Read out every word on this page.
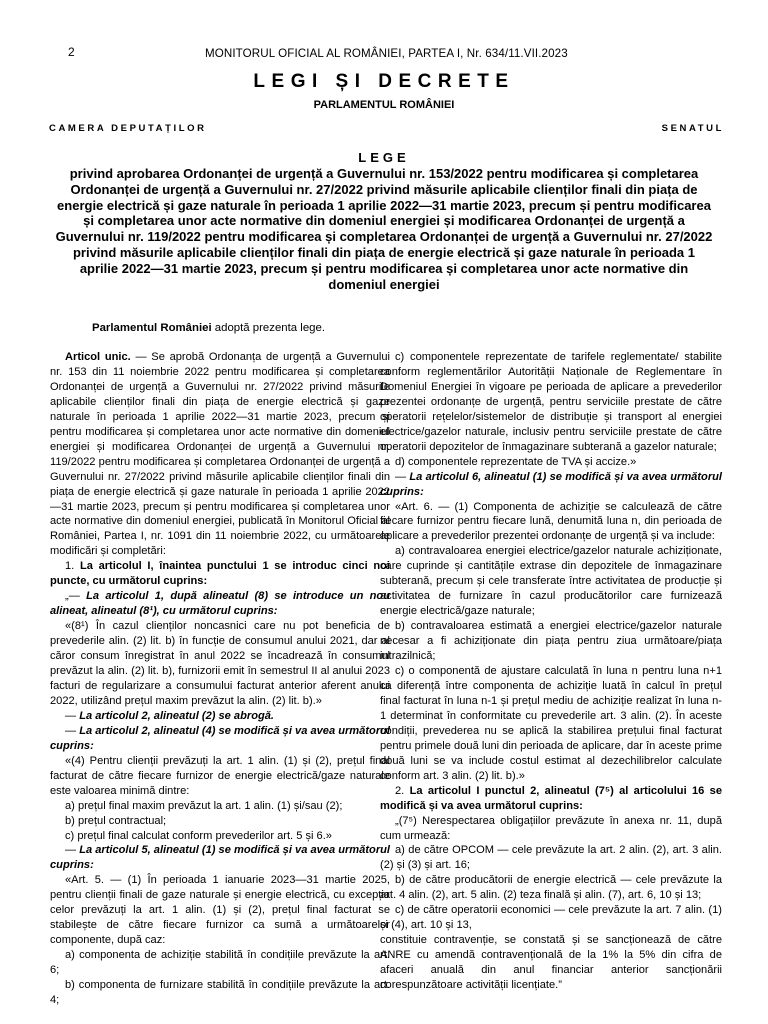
2	MONITORUL OFICIAL AL ROMÂNIEI, PARTEA I, Nr. 634/11.VII.2023
LEGI ȘI DECRETE
PARLAMENTUL ROMÂNIEI
CAMERA DEPUTAȚILOR	SENATUL
LEGE
privind aprobarea Ordonanței de urgență a Guvernului nr. 153/2022 pentru modificarea și completarea Ordonanței de urgență a Guvernului nr. 27/2022 privind măsurile aplicabile clienților finali din piața de energie electrică și gaze naturale în perioada 1 aprilie 2022—31 martie 2023, precum și pentru modificarea și completarea unor acte normative din domeniul energiei și modificarea Ordonanței de urgență a Guvernului nr. 119/2022 pentru modificarea și completarea Ordonanței de urgență a Guvernului nr. 27/2022 privind măsurile aplicabile clienților finali din piața de energie electrică și gaze naturale în perioada 1 aprilie 2022—31 martie 2023, precum și pentru modificarea și completarea unor acte normative din domeniul energiei
Parlamentul României adoptă prezenta lege.

Articol unic. — Se aprobă Ordonanța de urgență a Guvernului nr. 153 din 11 noiembrie 2022 pentru modificarea și completarea Ordonanței de urgență a Guvernului nr. 27/2022 privind măsurile aplicabile clienților finali din piața de energie electrică și gaze naturale în perioada 1 aprilie 2022—31 martie 2023, precum și pentru modificarea și completarea unor acte normative din domeniul energiei și modificarea Ordonanței de urgență a Guvernului nr. 119/2022 pentru modificarea și completarea Ordonanței de urgență a Guvernului nr. 27/2022 privind măsurile aplicabile clienților finali din piața de energie electrică și gaze naturale în perioada 1 aprilie 2022—31 martie 2023, precum și pentru modificarea și completarea unor acte normative din domeniul energiei, publicată în Monitorul Oficial al României, Partea I, nr. 1091 din 11 noiembrie 2022, cu următoarele modificări și completări:

1. La articolul I, înaintea punctului 1 se introduc cinci noi puncte, cu următorul cuprins:

„— La articolul 1, după alineatul (8) se introduce un nou alineat, alineatul (8¹), cu următorul cuprins:

«(8¹) În cazul clienților noncasnici care nu pot beneficia de prevederile alin. (2) lit. b) în funcție de consumul anului 2021, dar al căror consum înregistrat în anul 2022 se încadrează în consumul prevăzut la alin. (2) lit. b), furnizorii emit în semestrul II al anului 2023 facturi de regularizare a consumului facturat anterior aferent anului 2022, utilizând prețul maxim prevăzut la alin. (2) lit. b).»

— La articolul 2, alineatul (2) se abrogă.

— La articolul 2, alineatul (4) se modifică și va avea următorul cuprins:

«(4) Pentru clienții prevăzuți la art. 1 alin. (1) și (2), prețul final facturat de către fiecare furnizor de energie electrică/gaze naturale este valoarea minimă dintre:

a) prețul final maxim prevăzut la art. 1 alin. (1) și/sau (2);

b) prețul contractual;

c) prețul final calculat conform prevederilor art. 5 și 6.»

— La articolul 5, alineatul (1) se modifică și va avea următorul cuprins:

«Art. 5. — (1) În perioada 1 ianuarie 2023—31 martie 2025, pentru clienții finali de gaze naturale și energie electrică, cu excepția celor prevăzuți la art. 1 alin. (1) și (2), prețul final facturat se stabilește de către fiecare furnizor ca sumă a următoarelor componente, după caz:

a) componenta de achiziție stabilită în condițiile prevăzute la art. 6;

b) componenta de furnizare stabilită în condițiile prevăzute la art. 4;

c) componentele reprezentate de tarifele reglementate/ stabilite conform reglementărilor Autorității Naționale de Reglementare în Domeniul Energiei în vigoare pe perioada de aplicare a prevederilor prezentei ordonanțe de urgență, pentru serviciile prestate de către operatorii rețelelor/sistemelor de distribuție și transport al energiei electrice/gazelor naturale, inclusiv pentru serviciile prestate de către operatorii depozitelor de înmagazinare subterană a gazelor naturale;

d) componentele reprezentate de TVA și accize.»

— La articolul 6, alineatul (1) se modifică și va avea următorul cuprins:

«Art. 6. — (1) Componenta de achiziție se calculează de către fiecare furnizor pentru fiecare lună, denumită luna n, din perioada de aplicare a prevederilor prezentei ordonanțe de urgență și va include:

a) contravaloarea energiei electrice/gazelor naturale achiziționate, care cuprinde și cantitățile extrase din depozitele de înmagazinare subterană, precum și cele transferate între activitatea de producție și activitatea de furnizare în cazul producătorilor care furnizează energie electrică/gaze naturale;

b) contravaloarea estimată a energiei electrice/gazelor naturale necesar a fi achiziționate din piața pentru ziua următoare/piața intrazilnică;

c) o componentă de ajustare calculată în luna n pentru luna n+1 ca diferență între componenta de achiziție luată în calcul în prețul final facturat în luna n-1 și prețul mediu de achiziție realizat în luna n-1 determinat în conformitate cu prevederile art. 3 alin. (2). În aceste condiții, prevederea nu se aplică la stabilirea prețului final facturat pentru primele două luni din perioada de aplicare, dar în aceste prime două luni se va include costul estimat al dezechilibrelor calculate conform art. 3 alin. (2) lit. b).»

2. La articolul I punctul 2, alineatul (7⁵) al articolului 16 se modifică și va avea următorul cuprins:

„(7⁵) Nerespectarea obligațiilor prevăzute în anexa nr. 11, după cum urmează:

a) de către OPCOM — cele prevăzute la art. 2 alin. (2), art. 3 alin. (2) și (3) și art. 16;

b) de către producătorii de energie electrică — cele prevăzute la art. 4 alin. (2), art. 5 alin. (2) teza finală și alin. (7), art. 6, 10 și 13;

c) de către operatorii economici — cele prevăzute la art. 7 alin. (1) și (4), art. 10 și 13,

constituie contravenție, se constată și se sancționează de către ANRE cu amendă contravențională de la 1% la 5% din cifra de afaceri anuală din anul financiar anterior sancționării corespunzătoare activității licențiate.”
